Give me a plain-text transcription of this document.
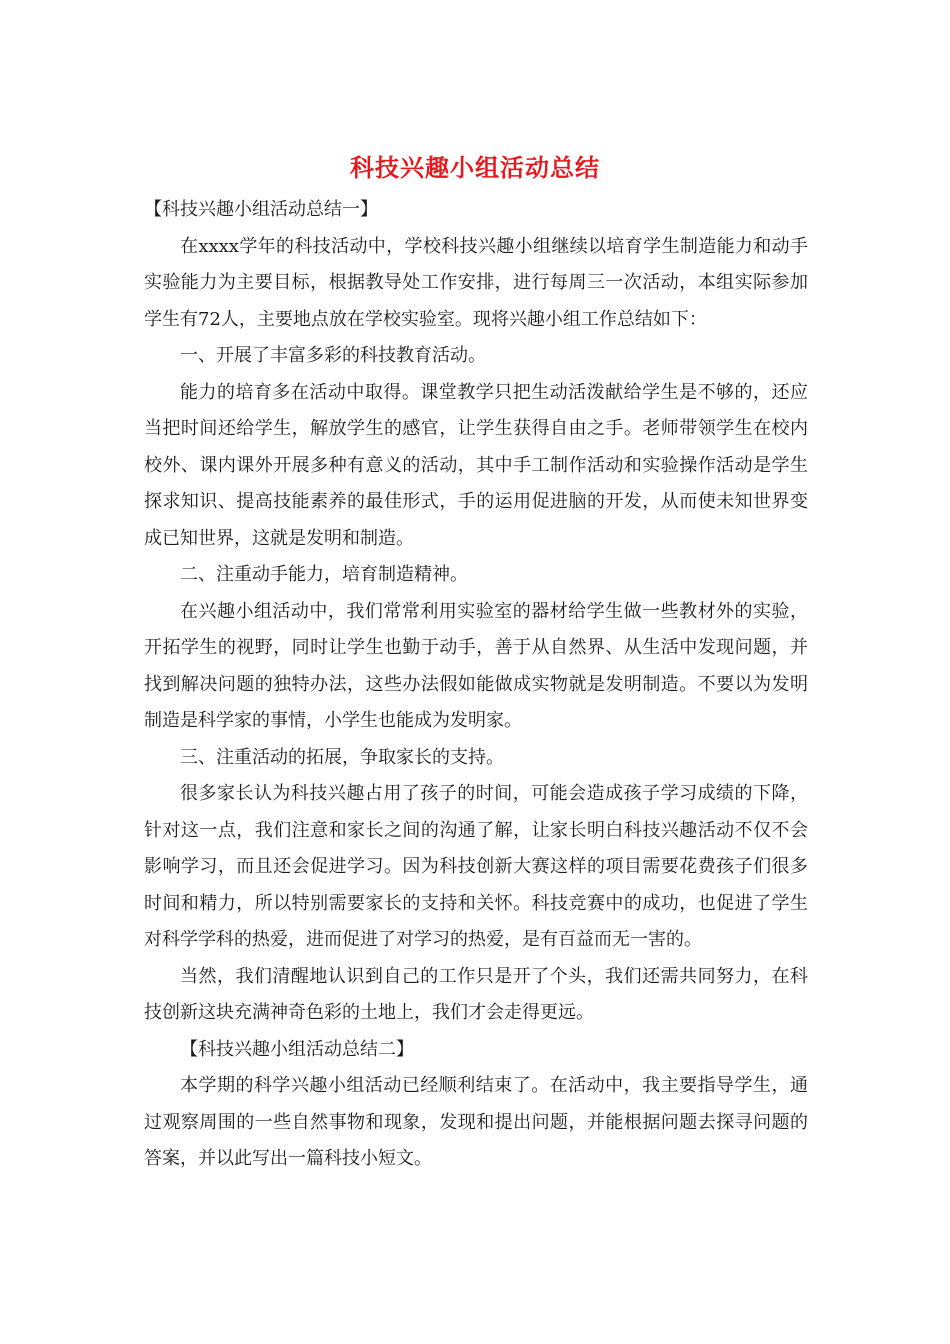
科技兴趣小组活动总结

【科技兴趣小组活动总结一】

在xxxx学年的科技活动中，学校科技兴趣小组继续以培育学生制造能力和动手实验能力为主要目标，根据教导处工作安排，进行每周三一次活动，本组实际参加学生有72人，主要地点放在学校实验室。现将兴趣小组工作总结如下：

一、开展了丰富多彩的科技教育活动。

能力的培育多在活动中取得。课堂教学只把生动活泼献给学生是不够的，还应当把时间还给学生，解放学生的感官，让学生获得自由之手。老师带领学生在校内校外、课内课外开展多种有意义的活动，其中手工制作活动和实验操作活动是学生探求知识、提高技能素养的最佳形式，手的运用促进脑的开发，从而使未知世界变成已知世界，这就是发明和制造。

二、注重动手能力，培育制造精神。

在兴趣小组活动中，我们常常利用实验室的器材给学生做一些教材外的实验，开拓学生的视野，同时让学生也勤于动手，善于从自然界、从生活中发现问题，并找到解决问题的独特办法，这些办法假如能做成实物就是发明制造。不要以为发明制造是科学家的事情，小学生也能成为发明家。

三、注重活动的拓展，争取家长的支持。

很多家长认为科技兴趣占用了孩子的时间，可能会造成孩子学习成绩的下降，针对这一点，我们注意和家长之间的沟通了解，让家长明白科技兴趣活动不仅不会影响学习，而且还会促进学习。因为科技创新大赛这样的项目需要花费孩子们很多时间和精力，所以特别需要家长的支持和关怀。科技竞赛中的成功，也促进了学生对科学学科的热爱，进而促进了对学习的热爱，是有百益而无一害的。

当然，我们清醒地认识到自己的工作只是开了个头，我们还需共同努力，在科技创新这块充满神奇色彩的土地上，我们才会走得更远。

【科技兴趣小组活动总结二】

本学期的科学兴趣小组活动已经顺利结束了。在活动中，我主要指导学生，通过观察周围的一些自然事物和现象，发现和提出问题，并能根据问题去探寻问题的答案，并以此写出一篇科技小短文。
